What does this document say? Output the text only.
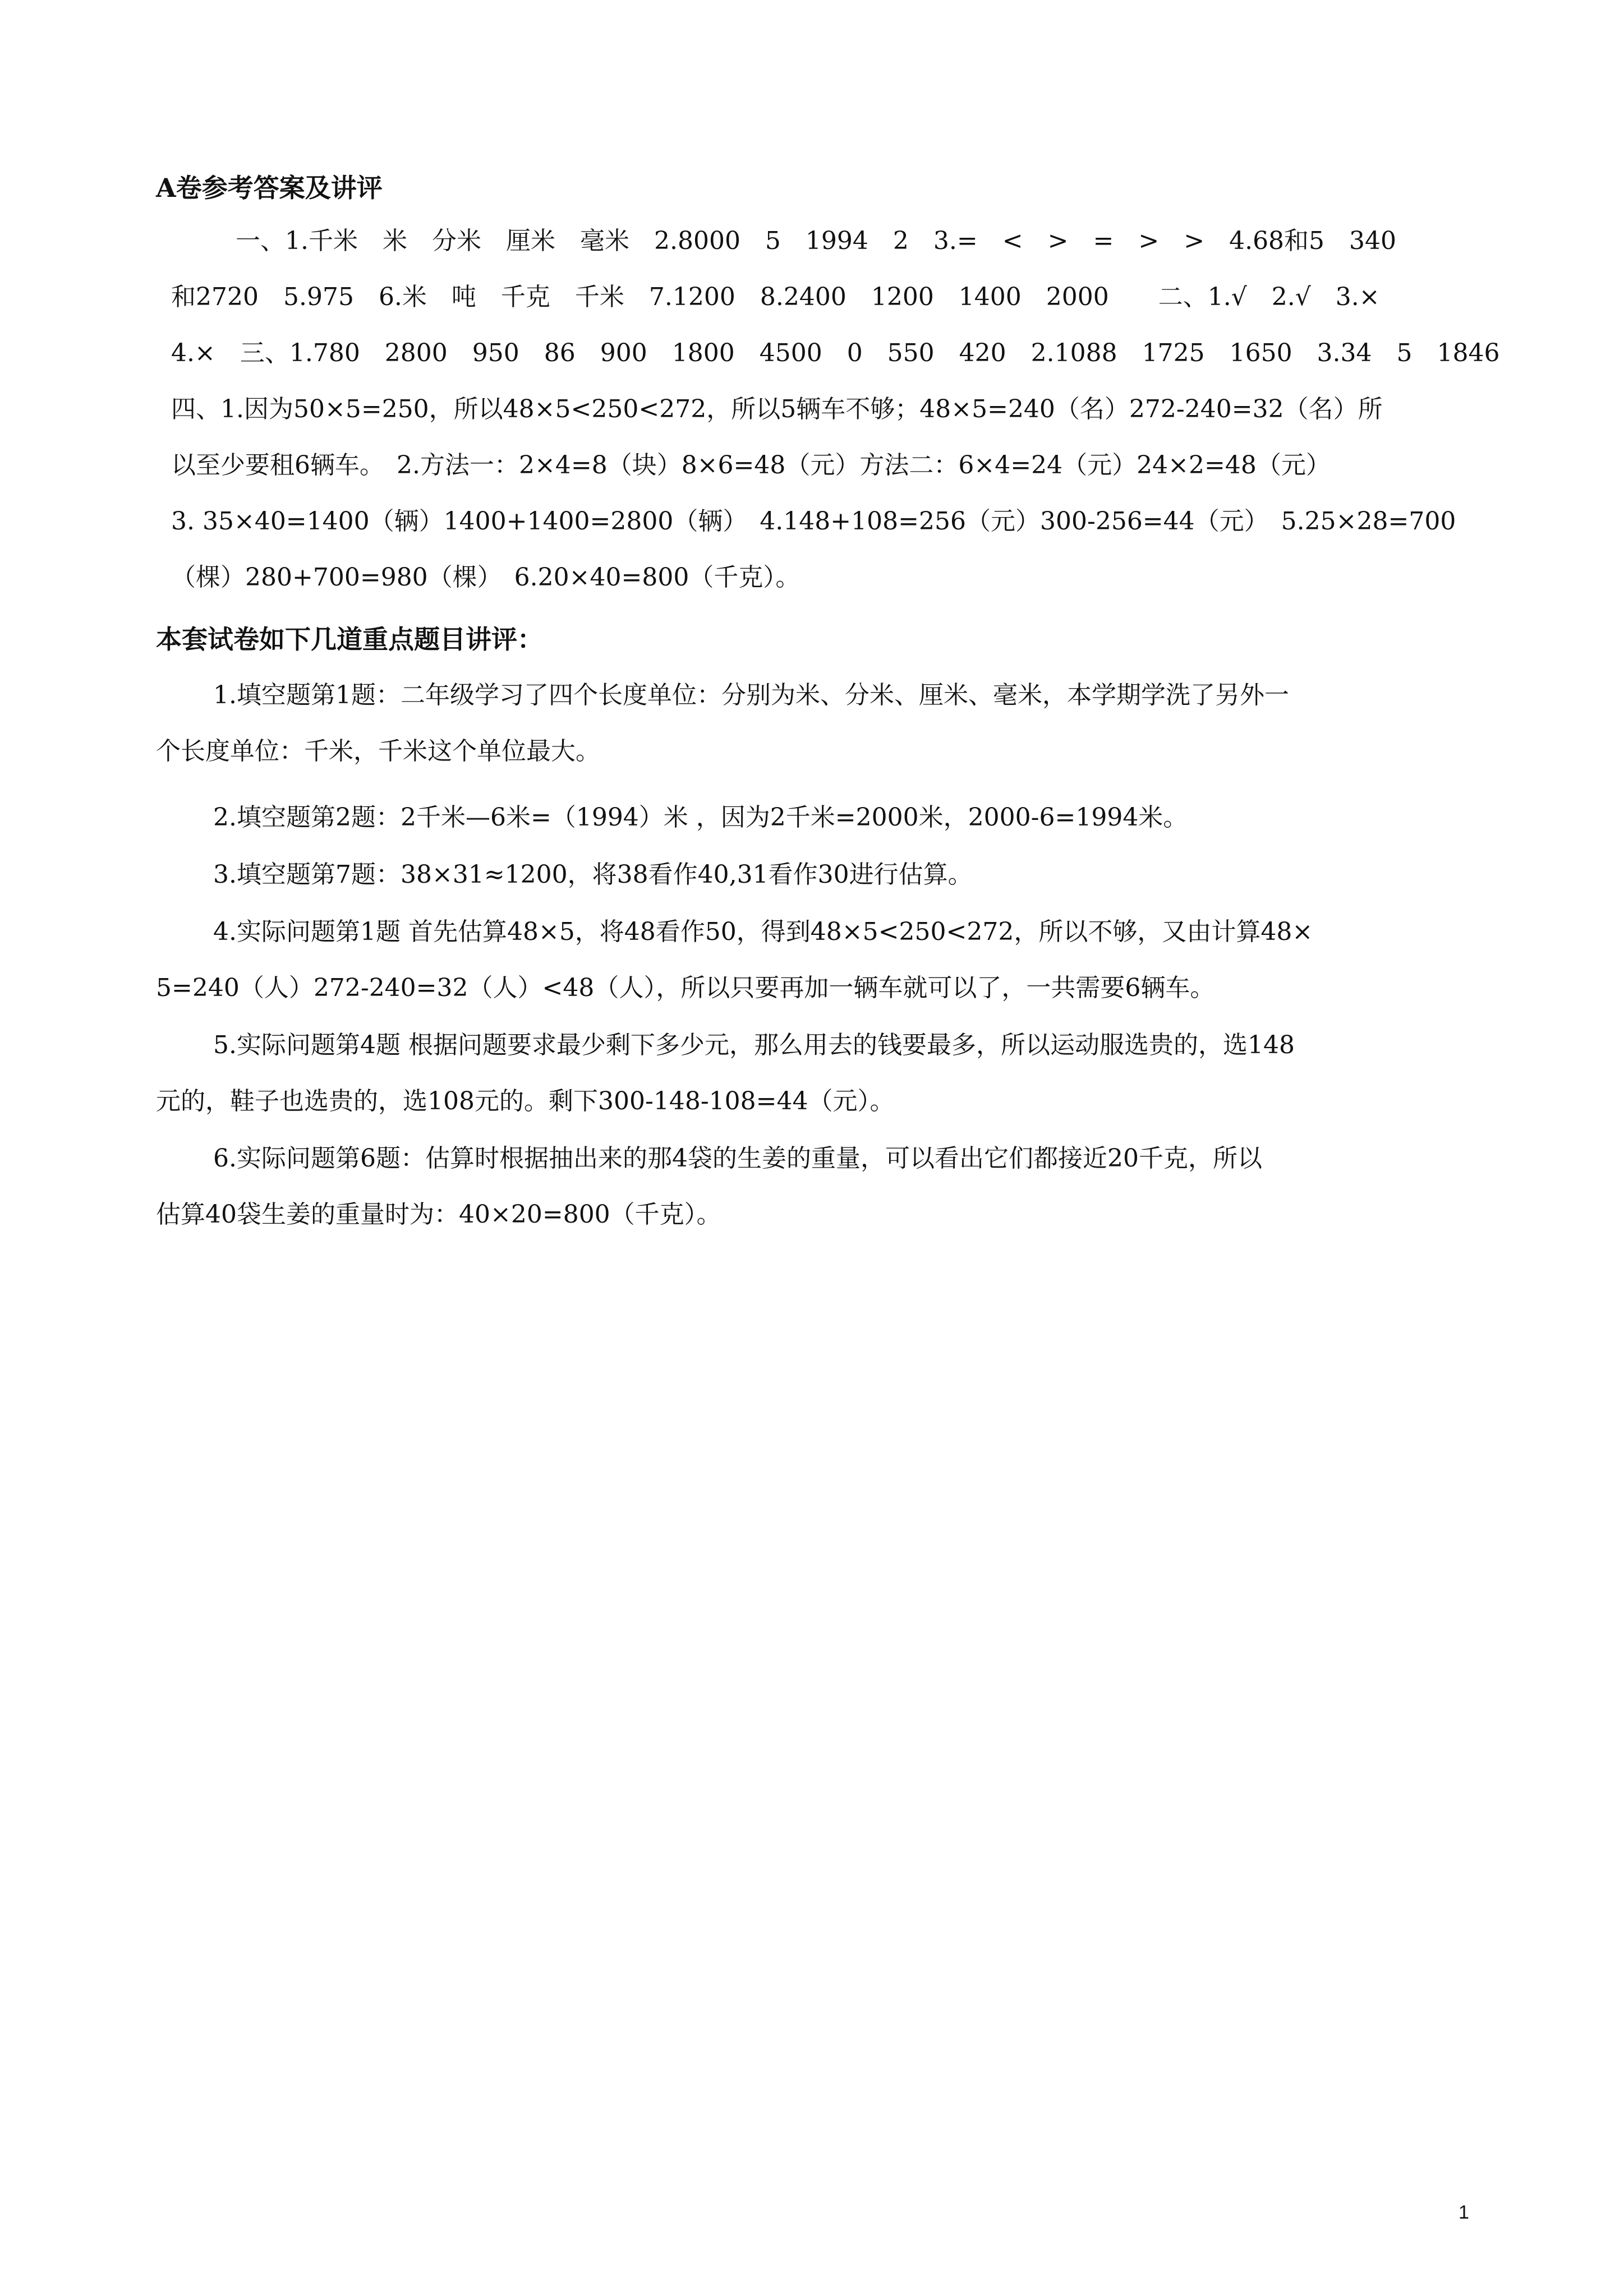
A卷参考答案及讲评
一、1.千米　米　分米　厘米　毫米　2.8000　5　1994　2　3.=　<　>　=　>　>　4.68和5　340
和2720　5.975　6.米　吨　千克　千米　7.1200　8.2400　1200　1400　2000　　二、1.√　2.√　3.×
4.×　三、1.780　2800　950　86　900　1800　4500　0　550　420　2.1088　1725　1650　3.34　5　1846
四、1.因为50×5=250，所以48×5<250<272，所以5辆车不够；48×5=240（名）272-240=32（名）所
以至少要租6辆车。　2.方法一：2×4=8（块）8×6=48（元）方法二：6×4=24（元）24×2=48（元）
3. 35×40=1400（辆）1400+1400=2800（辆）　4.148+108=256（元）300-256=44（元）　5.25×28=700
（棵）280+700=980（棵）　6.20×40=800（千克）。
本套试卷如下几道重点题目讲评：
1.填空题第1题：二年级学习了四个长度单位：分别为米、分米、厘米、毫米，本学期学洗了另外一
个长度单位：千米，千米这个单位最大。
2.填空题第2题：2千米—6米=（1994）米 ，因为2千米=2000米，2000-6=1994米。
3.填空题第7题：38×31≈1200，将38看作40,31看作30进行估算。
4.实际问题第1题 首先估算48×5，将48看作50，得到48×5<250<272，所以不够，又由计算48×
5=240（人）272-240=32（人）<48（人），所以只要再加一辆车就可以了，一共需要6辆车。
5.实际问题第4题 根据问题要求最少剩下多少元，那么用去的钱要最多，所以运动服选贵的，选148
元的，鞋子也选贵的，选108元的。剩下300-148-108=44（元）。
6.实际问题第6题：估算时根据抽出来的那4袋的生姜的重量，可以看出它们都接近20千克，所以
估算40袋生姜的重量时为：40×20=800（千克）。
1
